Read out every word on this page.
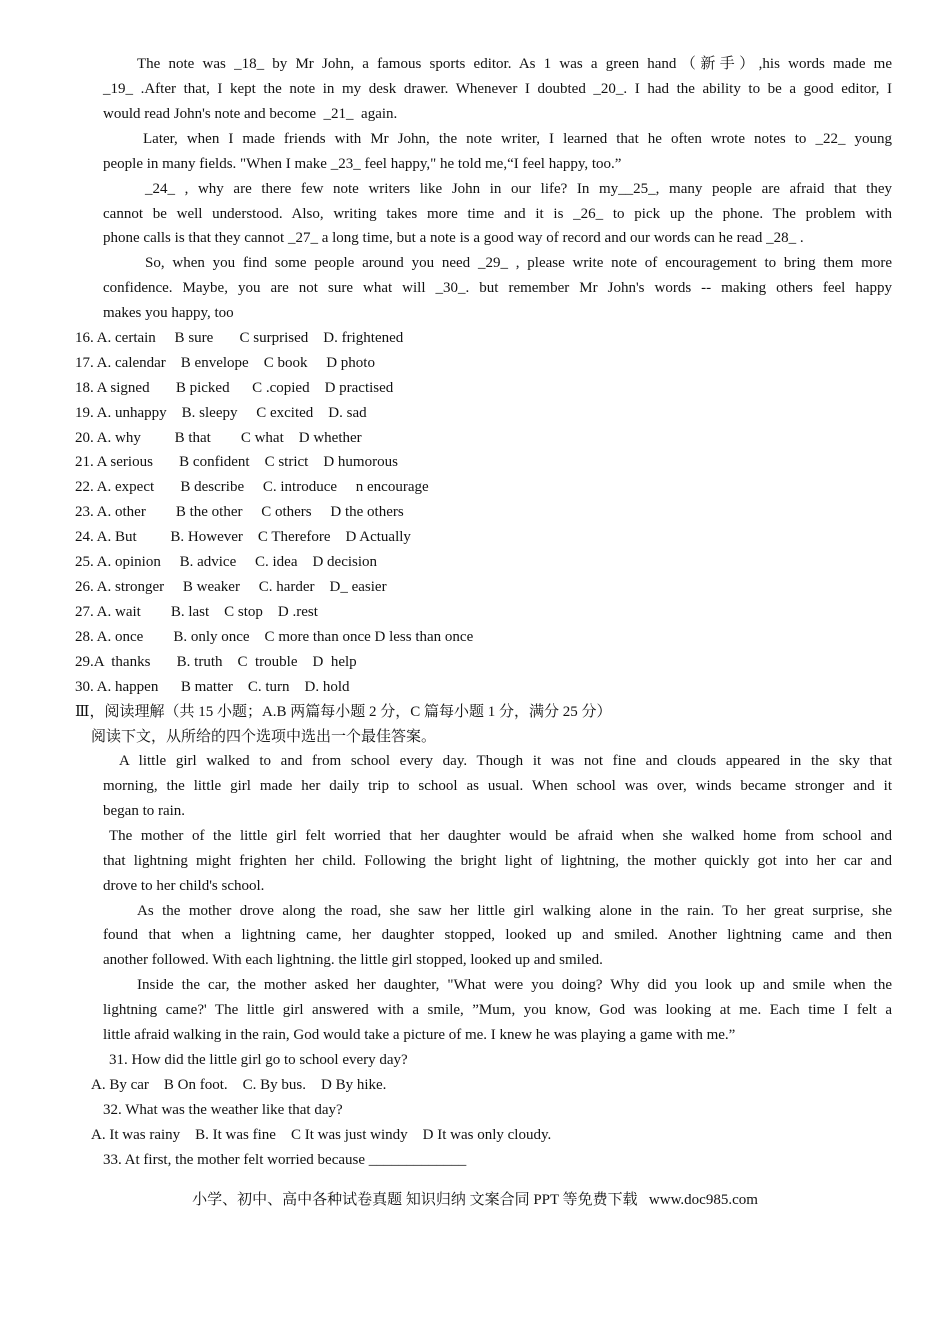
The note was _18_ by Mr John, a famous sports editor. As 1 was a green hand（新手）,his words made me
_19_ .After that, I kept the note in my desk drawer. Whenever I doubted _20_. I had the ability to be a good editor, I
would read John's note and become  _21_  again.
Later, when I made friends with Mr John, the note writer, I learned that he often wrote notes to _22_ young
people in many fields. "When I make _23_ feel happy," he told me,“I feel happy, too.”
_24_ , why are there few note writers like John in our life? In my__25_, many people are afraid that they
cannot be well understood. Also, writing takes more time and it is _26_ to pick up the phone. The problem with
phone calls is that they cannot _27_ a long time, but a note is a good way of record and our words can he read _28_ .
So, when you find some people around you need _29_ , please write note of encouragement to bring them more
confidence. Maybe, you are not sure what will _30_. but remember Mr John's words -- making others feel happy
makes you happy, too
16. A. certain     B sure       C surprised    D. frightened
17. A. calendar    B envelope    C book     D photo
18. A signed       B picked      C .copied    D practised
19. A. unhappy    B. sleepy     C excited    D. sad
20. A. why         B that        C what    D whether
21. A serious       B confident    C strict    D humorous
22. A. expect       B describe     C. introduce     n encourage
23. A. other        B the other     C others     D the others
24. A. But         B. However    C Therefore    D Actually
25. A. opinion     B. advice     C. idea    D decision
26. A. stronger     B weaker     C. harder    D_ easier
27. A. wait        B. last    C stop    D .rest
28. A. once        B. only once    C more than once D less than once
29.A  thanks       B. truth    C  trouble    D  help
30. A. happen      B matter    C. turn    D. hold
Ⅲ，阅读理解（共 15 小题；A.B 两篇每小题 2 分，C 篇每小题 1 分，满分 25 分）
阅读下文，从所给的四个选项中选出一个最佳答案。
A little girl walked to and from school every day. Though it was not fine and clouds appeared in the sky that
morning, the little girl made her daily trip to school as usual. When school was over, winds became stronger and it
began to rain.
The mother of the little girl felt worried that her daughter would be afraid when she walked home from school and
that lightning might frighten her child. Following the bright light of lightning, the mother quickly got into her car and
drove to her child's school.
As the mother drove along the road, she saw her little girl walking alone in the rain. To her great surprise, she
found that when a lightning came, her daughter stopped, looked up and smiled. Another lightning came and then
another followed. With each lightning. the little girl stopped, looked up and smiled.
Inside the car, the mother asked her daughter, "What were you doing? Why did you look up and smile when the
lightning came?' The little girl answered with a smile, ”Mum, you know, God was looking at me. Each time I felt a
little afraid walking in the rain, God would take a picture of me. I knew he was playing a game with me.”
31. How did the little girl go to school every day?
A. By car    B On foot.    C. By bus.    D By hike.
32. What was the weather like that day?
A. It was rainy    B. It was fine    C It was just windy    D It was only cloudy.
33. At first, the mother felt worried because _____________
小学、初中、高中各种试卷真题 知识归纳 文案合同 PPT 等免费下载   www.doc985.com
